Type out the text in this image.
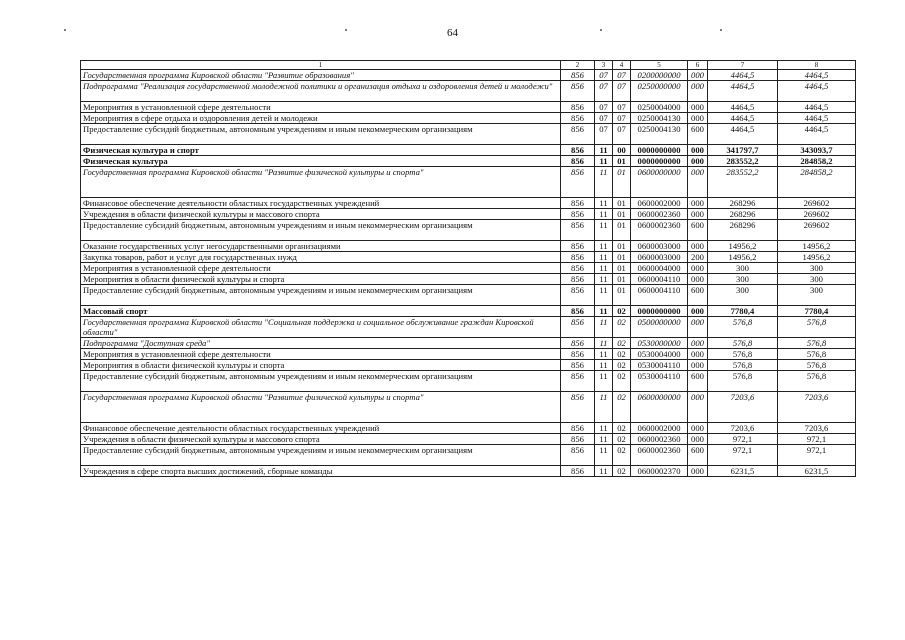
64
1	2	3	4	5	6	7	8
Государственная программа Кировской области "Развитие образования"	856	07	07	0200000000	000	4464,5	4464,5
Подпрограмма "Реализация государственной молодежной политики и организация отдыха и оздоровления детей и молодежи"	856	07	07	0250000000	000	4464,5	4464,5
Мероприятия в установленной сфере деятельности	856	07	07	0250004000	000	4464,5	4464,5
Мероприятия в сфере отдыха и оздоровления детей и молодежи	856	07	07	0250004130	000	4464,5	4464,5
Предоставление субсидий бюджетным, автономным учреждениям и иным некоммерческим организациям	856	07	07	0250004130	600	4464,5	4464,5
Физическая культура и спорт	856	11	00	0000000000	000	341797,7	343093,7
Физическая культура	856	11	01	0000000000	000	283552,2	284858,2
Государственная программа Кировской области "Развитие физической культуры и спорта"	856	11	01	0600000000	000	283552,2	284858,2
Финансовое обеспечение деятельности областных государственных учреждений	856	11	01	0600002000	000	268296	269602
Учреждения в области физической культуры и массового спорта	856	11	01	0600002360	000	268296	269602
Предоставление субсидий бюджетным, автономным учреждениям и иным некоммерческим организациям	856	11	01	0600002360	600	268296	269602
Оказание государственных услуг негосударственными организациями	856	11	01	0600003000	000	14956,2	14956,2
Закупка товаров, работ и услуг для государственных нужд	856	11	01	0600003000	200	14956,2	14956,2
Мероприятия в установленной сфере деятельности	856	11	01	0600004000	000	300	300
Мероприятия в области физической культуры и спорта	856	11	01	0600004110	000	300	300
Предоставление субсидий бюджетным, автономным учреждениям и иным некоммерческим организациям	856	11	01	0600004110	600	300	300
Массовый спорт	856	11	02	0000000000	000	7780,4	7780,4
Государственная программа Кировской области "Социальная поддержка и социальное обслуживание граждан Кировской области"	856	11	02	0500000000	000	576,8	576,8
Подпрограмма "Доступная среда"	856	11	02	0530000000	000	576,8	576,8
Мероприятия в установленной сфере деятельности	856	11	02	0530004000	000	576,8	576,8
Мероприятия в области физической культуры и спорта	856	11	02	0530004110	000	576,8	576,8
Предоставление субсидий бюджетным, автономным учреждениям и иным некоммерческим организациям	856	11	02	0530004110	600	576,8	576,8
Государственная программа Кировской области "Развитие физической культуры и спорта"	856	11	02	0600000000	000	7203,6	7203,6
Финансовое обеспечение деятельности областных государственных учреждений	856	11	02	0600002000	000	7203,6	7203,6
Учреждения в области физической культуры и массового спорта	856	11	02	0600002360	000	972,1	972,1
Предоставление субсидий бюджетным, автономным учреждениям и иным некоммерческим организациям	856	11	02	0600002360	600	972,1	972,1
Учреждения в сфере спорта высших достижений, сборные команды	856	11	02	0600002370	000	6231,5	6231,5
